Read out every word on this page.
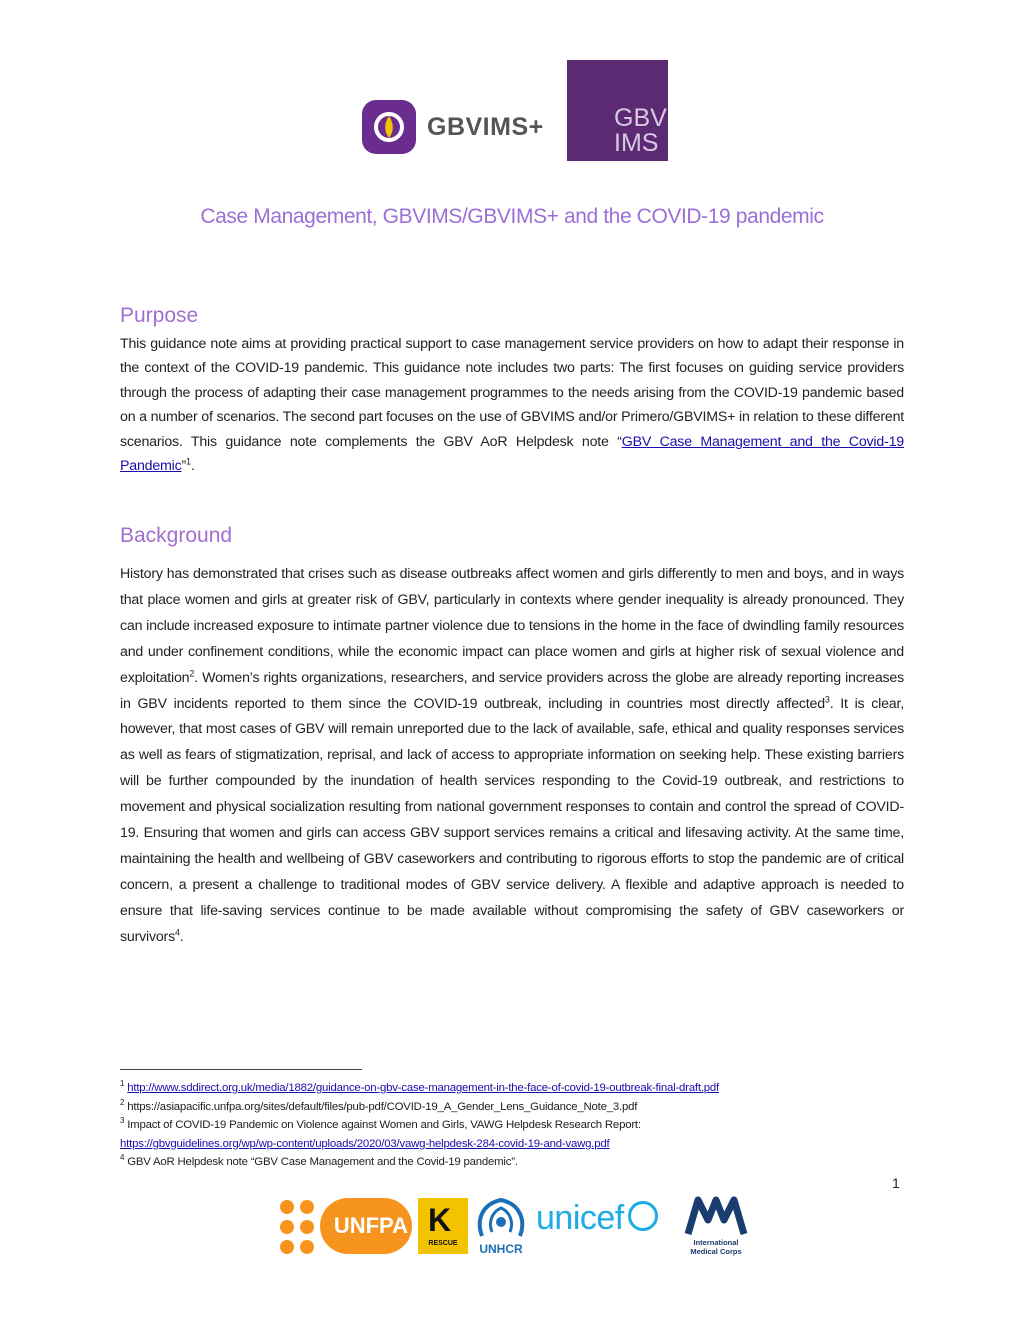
GBVIMS+	GBV
IMS
Case Management, GBVIMS/GBVIMS+ and the COVID-19 pandemic
Purpose

This guidance note aims at providing practical support to case management service providers on how to adapt their response in the context of the COVID-19 pandemic. This guidance note includes two parts: The first focuses on guiding service providers through the process of adapting their case management programmes to the needs arising from the COVID-19 pandemic based on a number of scenarios. The second part focuses on the use of GBVIMS and/or Primero/GBVIMS+ in relation to these different scenarios. This guidance note complements the GBV AoR Helpdesk note “GBV Case Management and the Covid-19 Pandemic”$^1$.

Background

History has demonstrated that crises such as disease outbreaks affect women and girls differently to men and boys, and in ways that place women and girls at greater risk of GBV, particularly in contexts where gender inequality is already pronounced. They can include increased exposure to intimate partner violence due to tensions in the home in the face of dwindling family resources and under confinement conditions, while the economic impact can place women and girls at higher risk of sexual violence and exploitation$^2$. Women’s rights organizations, researchers, and service providers across the globe are already reporting increases in GBV incidents reported to them since the COVID-19 outbreak, including in countries most directly affected$^3$. It is clear, however, that most cases of GBV will remain unreported due to the lack of available, safe, ethical and quality responses services as well as fears of stigmatization, reprisal, and lack of access to appropriate information on seeking help. These existing barriers will be further compounded by the inundation of health services responding to the Covid-19 outbreak, and restrictions to movement and physical socialization resulting from national government responses to contain and control the spread of COVID-19. Ensuring that women and girls can access GBV support services remains a critical and lifesaving activity. At the same time, maintaining the health and wellbeing of GBV caseworkers and contributing to rigorous efforts to stop the pandemic are of critical concern, a present a challenge to traditional modes of GBV service delivery. A flexible and adaptive approach is needed to ensure that life-saving services continue to be made available without compromising the safety of GBV caseworkers or survivors$^4$.

$^1$ http://www.sddirect.org.uk/media/1882/guidance-on-gbv-case-management-in-the-face-of-covid-19-outbreak-final-draft.pdf
$^2$ https://asiapacific.unfpa.org/sites/default/files/pub-pdf/COVID-19_A_Gender_Lens_Guidance_Note_3.pdf
$^3$ Impact of COVID-19 Pandemic on Violence against Women and Girls, VAWG Helpdesk Research Report:
https://gbvguidelines.org/wp/wp-content/uploads/2020/03/vawg-helpdesk-284-covid-19-and-vawg.pdf
$^4$ GBV AoR Helpdesk note “GBV Case Management and the Covid-19 pandemic”.
1
UNFPA K
RESCUE	UNHCR
unicef
International
Medical Corps
